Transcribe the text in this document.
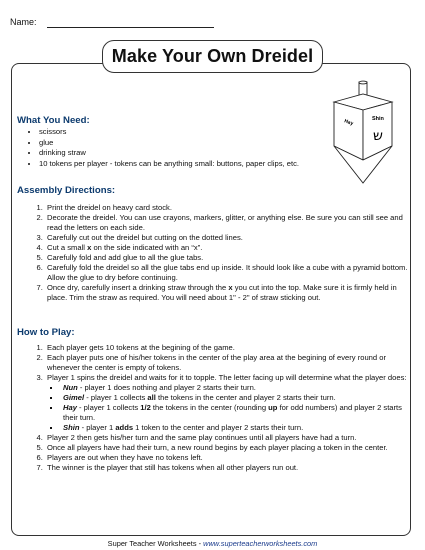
Name:
Make Your Own Dreidel
Hay	Shin
ש
What You Need:
• scissors
• glue
• drinking straw
• 10 tokens per player - tokens can be anything small: buttons, paper clips, etc.
Assembly Directions:
1. Print the dreidel on heavy card stock.
2. Decorate the dreidel. You can use crayons, markers, glitter, or anything else. Be sure you can still see and read the letters on each side.
3. Carefully cut out the dreidel but cutting on the dotted lines.
4. Cut a small x on the side indicated with an “x”.
5. Carefully fold and add glue to all the glue tabs.
6. Carefully fold the dreidel so all the glue tabs end up inside. It should look like a cube with a pyramid bottom. Allow the glue to dry before continuing.
7. Once dry, carefully insert a drinking straw through the x you cut into the top. Make sure it is firmly held in place. Trim the straw as required. You will need about 1" - 2" of straw sticking out.
How to Play:
1. Each player gets 10 tokens at the begining of the game.
2. Each player puts one of his/her tokens in the center of the play area at the begining of every round or whenever the center is empty of tokens.
3. Player 1 spins the dreidel and waits for it to topple. The letter facing up will determine what the player does:
▪ Nun - player 1 does nothing and player 2 starts their turn.
▪ Gimel - player 1 collects all the tokens in the center and player 2 starts their turn.
▪ Hay - player 1 collects 1/2 the tokens in the center (rounding up for odd numbers) and player 2 starts their turn.
▪ Shin - player 1 adds 1 token to the center and player 2 starts their turn.
4. Player 2 then gets his/her turn and the same play continues until all players have had a turn.
5. Once all players have had their turn, a new round begins by each player placing a token in the center.
6. Players are out when they have no tokens left.
7. The winner is the player that still has tokens when all other players run out.
Super Teacher Worksheets - www.superteacherworksheets.com
